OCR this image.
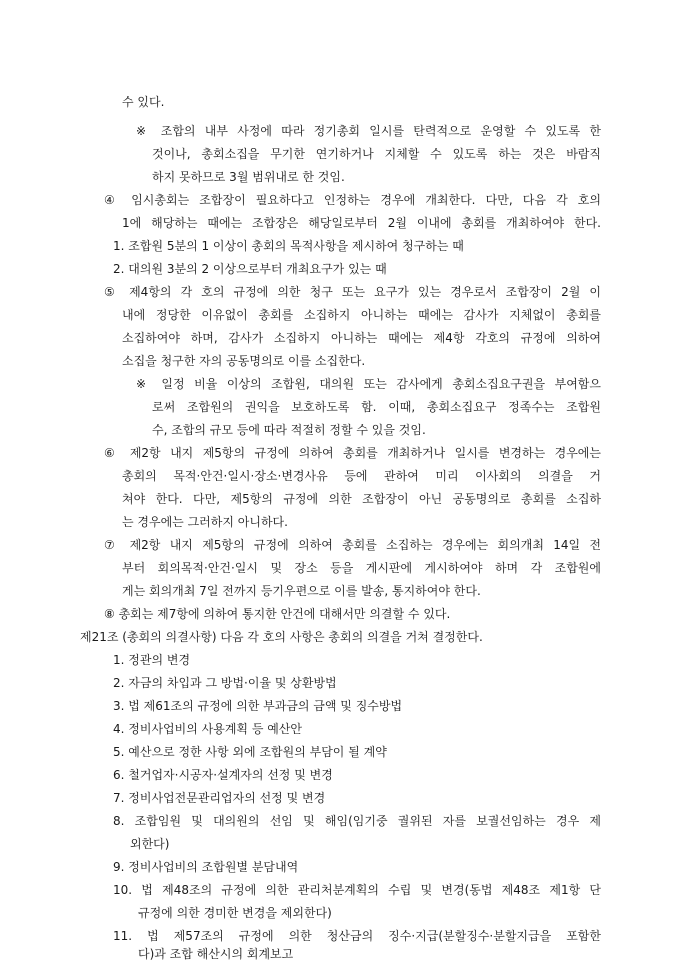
수 있다.
※ 조합의 내부 사정에 따라 정기총회 일시를 탄력적으로 운영할 수 있도록 한
것이나, 총회소집을 무기한 연기하거나 지체할 수 있도록 하는 것은 바람직
하지 못하므로 3월 범위내로 한 것임.
④ 임시총회는 조합장이 필요하다고 인정하는 경우에 개최한다. 다만, 다음 각 호의
1에 해당하는 때에는 조합장은 해당일로부터 2월 이내에 총회를 개최하여야 한다.
1. 조합원 5분의 1 이상이 총회의 목적사항을 제시하여 청구하는 때
2. 대의원 3분의 2 이상으로부터 개최요구가 있는 때
⑤ 제4항의 각 호의 규정에 의한 청구 또는 요구가 있는 경우로서 조합장이 2월 이
내에 정당한 이유없이 총회를 소집하지 아니하는 때에는 감사가 지체없이 총회를
소집하여야 하며, 감사가 소집하지 아니하는 때에는 제4항 각호의 규정에 의하여
소집을 청구한 자의 공동명의로 이를 소집한다.
※ 일정 비율 이상의 조합원, 대의원 또는 감사에게 총회소집요구권을 부여함으
로써 조합원의 권익을 보호하도록 함. 이때, 총회소집요구 정족수는 조합원
수, 조합의 규모 등에 따라 적절히 정할 수 있을 것임.
⑥ 제2항 내지 제5항의 규정에 의하여 총회를 개최하거나 일시를 변경하는 경우에는
총회의 목적·안건·일시·장소·변경사유 등에 관하여 미리 이사회의 의결을 거
쳐야 한다. 다만, 제5항의 규정에 의한 조합장이 아닌 공동명의로 총회를 소집하
는 경우에는 그러하지 아니하다.
⑦ 제2항 내지 제5항의 규정에 의하여 총회를 소집하는 경우에는 회의개최 14일 전
부터 회의목적·안건·일시 및 장소 등을 게시판에 게시하여야 하며 각 조합원에
게는 회의개최 7일 전까지 등기우편으로 이를 발송, 통지하여야 한다.
⑧ 총회는 제7항에 의하여 통지한 안건에 대해서만 의결할 수 있다.
제21조 (총회의 의결사항) 다음 각 호의 사항은 총회의 의결을 거쳐 결정한다.
1. 정관의 변경
2. 자금의 차입과 그 방법·이율 및 상환방법
3. 법 제61조의 규정에 의한 부과금의 금액 및 징수방법
4. 정비사업비의 사용계획 등 예산안
5. 예산으로 정한 사항 외에 조합원의 부담이 될 계약
6. 철거업자·시공자·설계자의 선정 및 변경
7. 정비사업전문관리업자의 선정 및 변경
8. 조합임원 및 대의원의 선임 및 해임(임기중 궐위된 자를 보궐선임하는 경우 제
외한다)
9. 정비사업비의 조합원별 분담내역
10. 법 제48조의 규정에 의한 관리처분계획의 수립 및 변경(동법 제48조 제1항 단
규정에 의한 경미한 변경을 제외한다)
11. 법 제57조의 규정에 의한 청산금의 징수·지급(분할징수·분할지급을 포함한
다)과 조합 해산시의 회계보고
